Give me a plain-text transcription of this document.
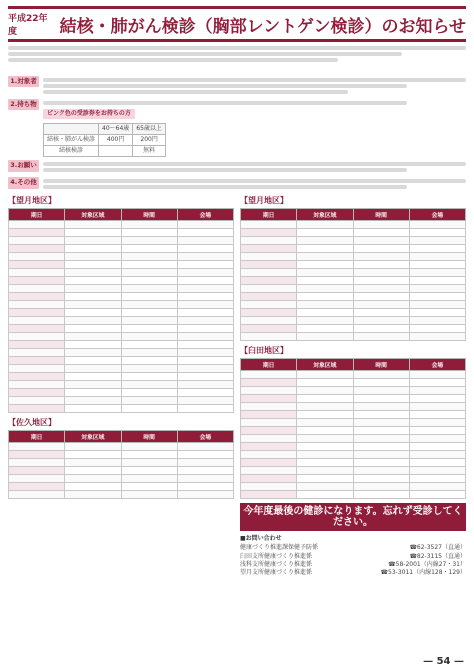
平成22年度	結核・肺がん検診（胸部レントゲン検診）のお知らせ
1.対象者
2.持ち物
ピンク色の受診券をお持ちの方
	40～64歳	65歳以上
結核・肺がん検診	400円	200円
結核検診		無料
3.お願い
4.その他
【望月地区】
期日	対象区域	時間	会場

【佐久地区】
期日	対象区域	時間	会場

【望月地区】
期日	対象区域	時間	会場

【臼田地区】
期日	対象区域	時間	会場

今年度最後の健診になります。忘れず受診してください。
■お問い合わせ
健康づくり推進課保健予防係	☎62-3527（直通）
臼田支所健康づくり推進係	☎82-3115（直通）
浅科支所健康づくり推進係	☎58-2001（内線27・31）
望月支所健康づくり推進係	☎53-3011（内線128・129）
— 54 —
